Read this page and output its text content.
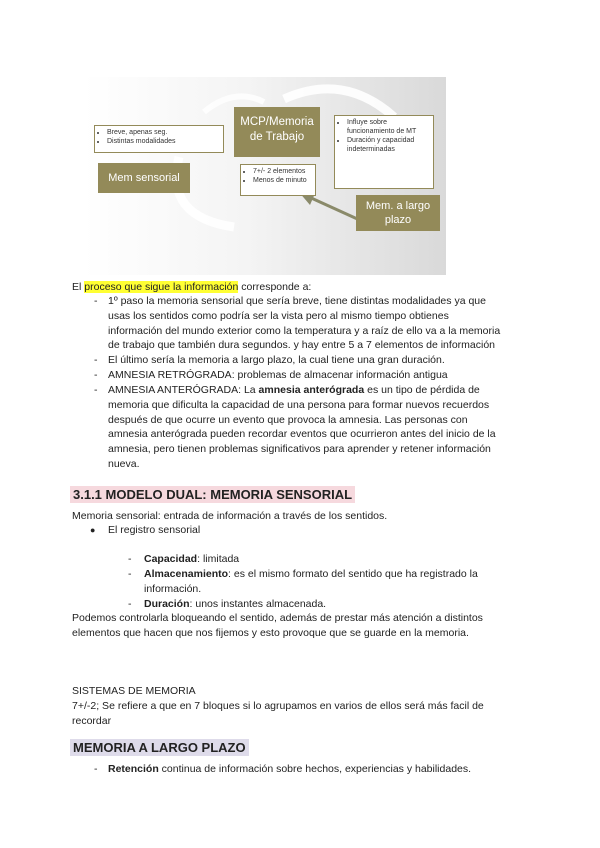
• Breve, apenas seg.
• Distintas modalidades
Mem sensorial
MCP/Memoria
de Trabajo
• 7+/- 2 elementos
• Menos de minuto
• Influye sobre funcionamiento de MT
• Duración y capacidad indeterminadas
Mem. a largo
plazo
El proceso que sigue la información corresponde a:
- 1º paso la memoria sensorial que sería breve, tiene distintas modalidades ya que
usas los sentidos como podría ser la vista pero al mismo tiempo obtienes
información del mundo exterior como la temperatura y a raíz de ello va a la memoria
de trabajo que también dura segundos. y hay entre 5 a 7 elementos de información
- El último sería la memoria a largo plazo, la cual tiene una gran duración.
- AMNESIA RETRÓGRADA: problemas de almacenar información antigua
- AMNESIA ANTERÓGRADA: La amnesia anterógrada es un tipo de pérdida de
memoria que dificulta la capacidad de una persona para formar nuevos recuerdos
después de que ocurre un evento que provoca la amnesia. Las personas con
amnesia anterógrada pueden recordar eventos que ocurrieron antes del inicio de la
amnesia, pero tienen problemas significativos para aprender y retener información
nueva.
3.1.1 MODELO DUAL: MEMORIA SENSORIAL
Memoria sensorial: entrada de información a través de los sentidos.
● El registro sensorial
- Capacidad: limitada
- Almacenamiento: es el mismo formato del sentido que ha registrado la
información.
- Duración: unos instantes almacenada.
Podemos controlarla bloqueando el sentido, además de prestar más atención a distintos
elementos que hacen que nos fijemos y esto provoque que se guarde en la memoria.
SISTEMAS DE MEMORIA
7+/-2; Se refiere a que en 7 bloques si lo agrupamos en varios de ellos será más facil de
recordar
MEMORIA A LARGO PLAZO
- Retención continua de información sobre hechos, experiencias y habilidades.
